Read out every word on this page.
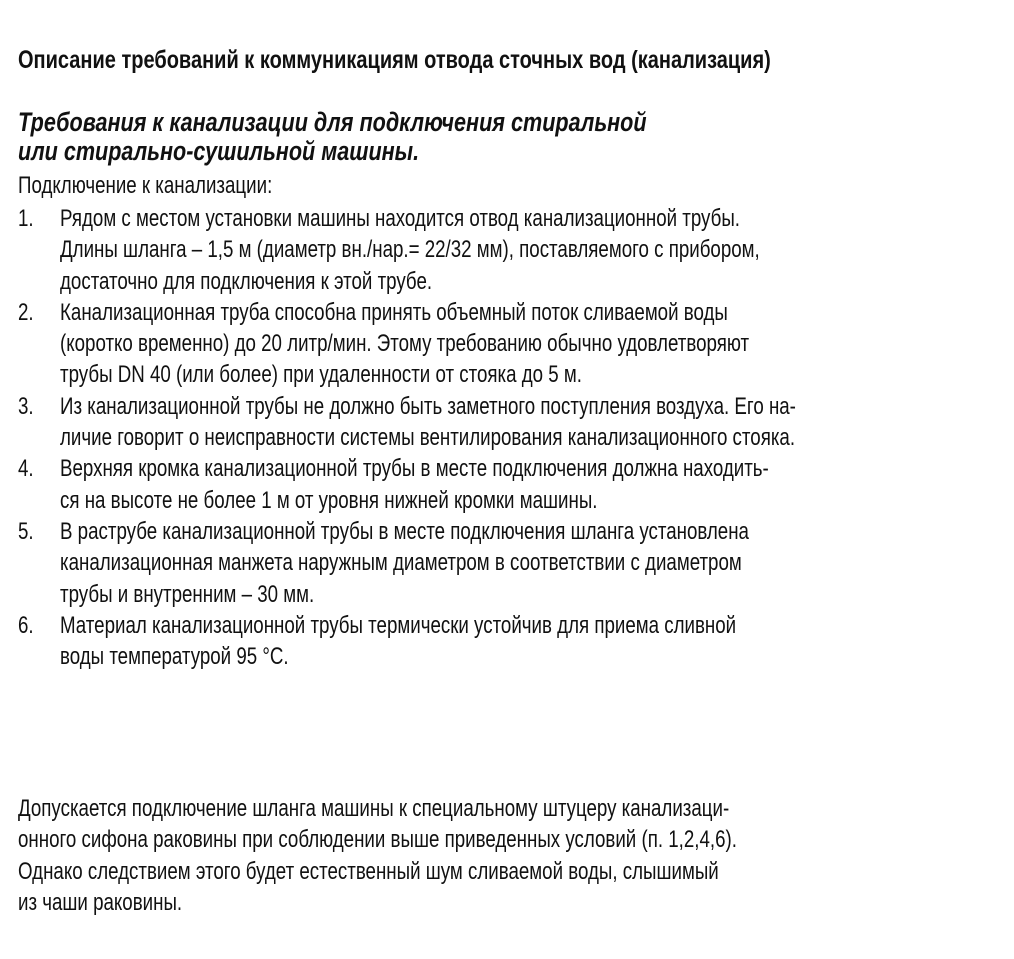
Описание требований к коммуникациям отвода сточных вод (канализация)
Требования к канализации для подключения стиральной
или стирально-сушильной машины.
Подключение к канализации:
1. Рядом с местом установки машины находится отвод канализационной трубы.
Длины шланга – 1,5 м (диаметр вн./нар.= 22/32 мм), поставляемого с прибором,
достаточно для подключения к этой трубе.
2. Канализационная труба способна принять объемный поток сливаемой воды
(коротко временно) до 20 литр/мин. Этому требованию обычно удовлетворяют
трубы DN 40 (или более) при удаленности от стояка до 5 м.
3. Из канализационной трубы не должно быть заметного поступления воздуха. Его на-
личие говорит о неисправности системы вентилирования канализационного стояка.
4. Верхняя кромка канализационной трубы в месте подключения должна находить-
ся на высоте не более 1 м от уровня нижней кромки машины.
5. В раструбе канализационной трубы в месте подключения шланга установлена
канализационная манжета наружным диаметром в соответствии с диаметром
трубы и внутренним – 30 мм.
6. Материал канализационной трубы термически устойчив для приема сливной
воды температурой 95 °C.
Допускается подключение шланга машины к специальному штуцеру канализаци-
онного сифона раковины при соблюдении выше приведенных условий (п. 1,2,4,6).
Однако следствием этого будет естественный шум сливаемой воды, слышимый
из чаши раковины.
